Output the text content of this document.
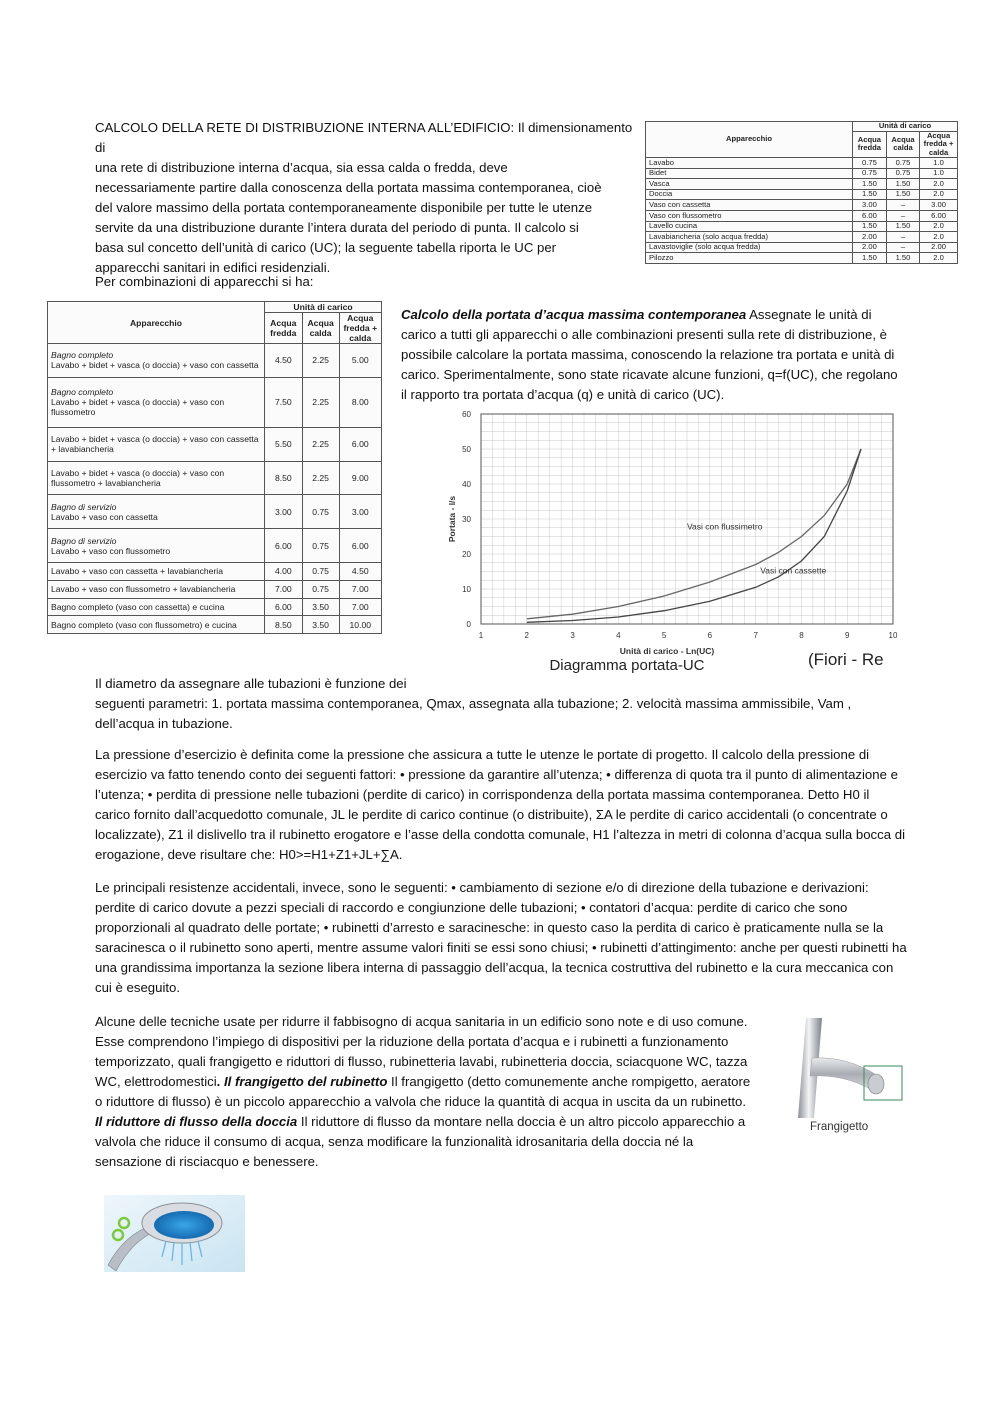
CALCOLO DELLA RETE DI DISTRIBUZIONE INTERNA ALL’EDIFICIO: Il dimensionamento di
una rete di distribuzione interna d’acqua, sia essa calda o fredda, deve
necessariamente partire dalla conoscenza della portata massima contemporanea, cioè
del valore massimo della portata contemporaneamente disponibile per tutte le utenze
servite da una distribuzione durante l’intera durata del periodo di punta. Il calcolo si
basa sul concetto dell’unità di carico (UC); la seguente tabella riporta le UC per
apparecchi sanitari in edifici residenziali.
Apparecchio	Unità di carico		
	Acqua fredda	Acqua calda	Acqua fredda + calda
Lavabo	0.75	0.75	1.0
Bidet	0.75	0.75	1.0
Vasca	1.50	1.50	2.0
Doccia	1.50	1.50	2.0
Vaso con cassetta	3.00	–	3.00
Vaso con flussometro	6.00	–	6.00
Lavello cucina	1.50	1.50	2.0
Lavabiancheria (solo acqua fredda)	2.00	–	2.0
Lavastoviglie (solo acqua fredda)	2.00	–	2.00
Pilozzo	1.50	1.50	2.0
Per combinazioni di apparecchi si ha:
Apparecchio	Unità di carico		
	Acqua fredda	Acqua calda	Acqua fredda + calda

Bagno completo
Lavabo + bidet + vasca (o doccia) + vaso con cassetta	4.50	2.25	5.00

Bagno completo
Lavabo + bidet + vasca (o doccia) + vaso con flussometro	7.50	2.25	8.00

Lavabo + bidet + vasca (o doccia) + vaso con cassetta + lavabiancheria	5.50	2.25	6.00

Lavabo + bidet + vasca (o doccia) + vaso con flussometro + lavabiancheria	8.50	2.25	9.00

Bagno di servizio
Lavabo + vaso con cassetta	3.00	0.75	3.00

Bagno di servizio
Lavabo + vaso con flussometro	6.00	0.75	6.00

Lavabo + vaso con cassetta + lavabiancheria	4.00	0.75	4.50

Lavabo + vaso con flussometro + lavabiancheria	7.00	0.75	7.00

Bagno completo (vaso con cassetta) e cucina	6.00	3.50	7.00

Bagno completo (vaso con flussometro) e cucina	8.50	3.50	10.00
Calcolo della portata d’acqua massima contemporanea Assegnate le unità di carico a tutti gli apparecchi o alle combinazioni presenti sulla rete di distribuzione, è possibile calcolare la portata massima, conoscendo la relazione tra portata e unità di carico. Sperimentalmente, sono state ricavate alcune funzioni, q=f(UC), che regolano il rapporto tra portata d’acqua (q) e unità di carico (UC).
1	2	3	4	5	6	7	8	9	10
0
10
20
30
40
50
60
Unità di carico - Ln(UC)
Portata - l/s	Vasi con flussimetro
Vasi con cassette
Diagramma portata-UC	(Fiori - Re
Il diametro da assegnare alle tubazioni è funzione dei
seguenti parametri: 1. portata massima contemporanea, Qmax, assegnata alla tubazione; 2. velocità massima ammissibile, Vam , dell’acqua in tubazione.
La pressione d’esercizio è definita come la pressione che assicura a tutte le utenze le portate di progetto. Il calcolo della pressione di esercizio va fatto tenendo conto dei seguenti fattori: • pressione da garantire all’utenza; • differenza di quota tra il punto di alimentazione e l’utenza; • perdita di pressione nelle tubazioni (perdite di carico) in corrispondenza della portata massima contemporanea. Detto H0 il carico fornito dall’acquedotto comunale, JL le perdite di carico continue (o distribuite), ΣA le perdite di carico accidentali (o concentrate o localizzate), Z1 il dislivello tra il rubinetto erogatore e l’asse della condotta comunale, H1 l’altezza in metri di colonna d’acqua sulla bocca di erogazione, deve risultare che: H0>=H1+Z1+JL+∑A.
Le principali resistenze accidentali, invece, sono le seguenti: • cambiamento di sezione e/o di direzione della tubazione e derivazioni: perdite di carico dovute a pezzi speciali di raccordo e congiunzione delle tubazioni; • contatori d’acqua: perdite di carico che sono proporzionali al quadrato delle portate; • rubinetti d’arresto e saracinesche: in questo caso la perdita di carico è praticamente nulla se la saracinesca o il rubinetto sono aperti, mentre assume valori finiti se essi sono chiusi; • rubinetti d’attingimento: anche per questi rubinetti ha una grandissima importanza la sezione libera interna di passaggio dell’acqua, la tecnica costruttiva del rubinetto e la cura meccanica con cui è eseguito.
Alcune delle tecniche usate per ridurre il fabbisogno di acqua sanitaria in un edificio sono note e di uso comune. Esse comprendono l’impiego di dispositivi per la riduzione della portata d’acqua e i rubinetti a funzionamento temporizzato, quali frangigetto e riduttori di flusso, rubinetteria lavabi, rubinetteria doccia, sciacquone WC, tazza WC, elettrodomestici. Il frangigetto del rubinetto Il frangigetto (detto comunemente anche rompigetto, aeratore o riduttore di flusso) è un piccolo apparecchio a valvola che riduce la quantità di acqua in uscita da un rubinetto. Il riduttore di flusso della doccia Il riduttore di flusso da montare nella doccia è un altro piccolo apparecchio a valvola che riduce il consumo di acqua, senza modificare la funzionalità idrosanitaria della doccia né la sensazione di risciacquo e benessere.
Frangigetto
